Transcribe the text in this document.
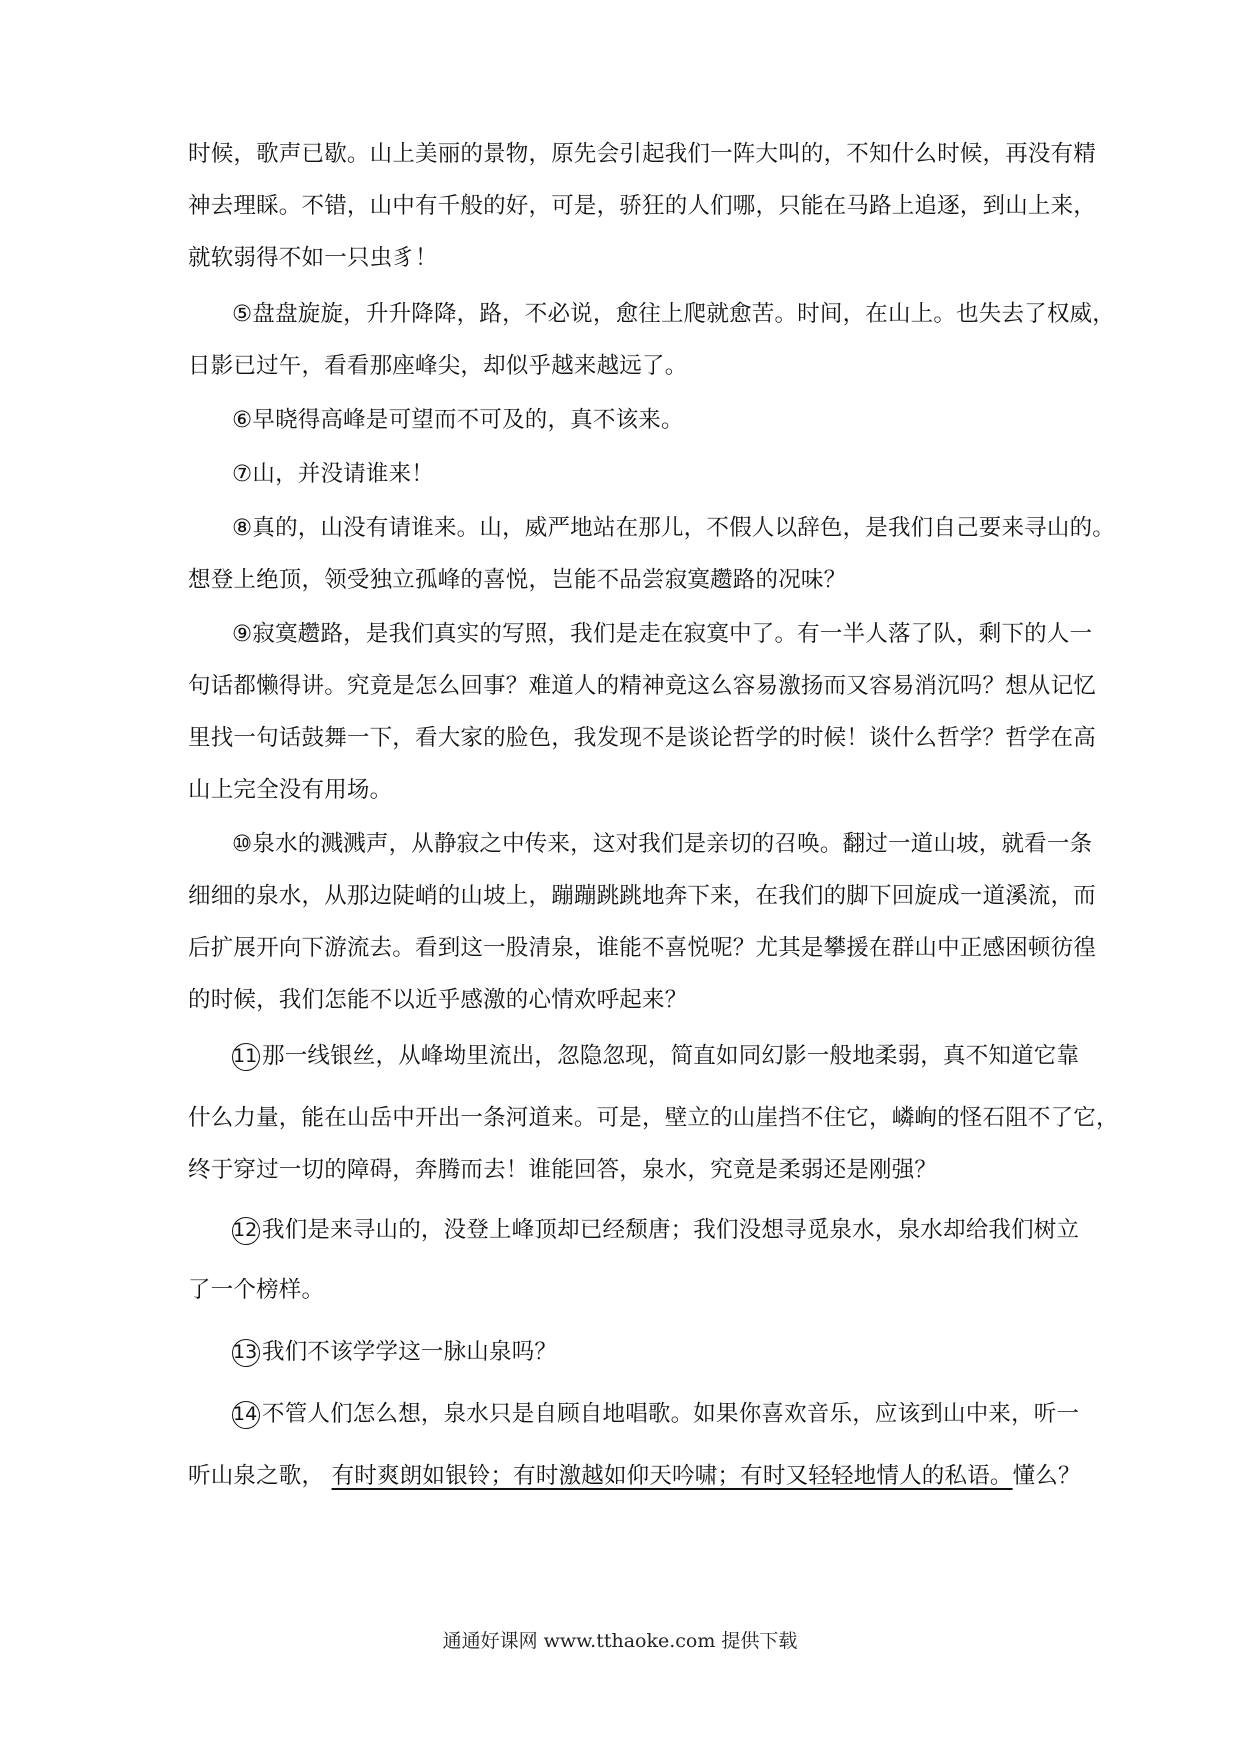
时候，歌声已歇。山上美丽的景物，原先会引起我们一阵大叫的，不知什么时候，再没有精
神去理睬。不错，山中有千般的好，可是，骄狂的人们哪，只能在马路上追逐，到山上来，
就软弱得不如一只虫豸！
⑤盘盘旋旋，升升降降，路，不必说，愈往上爬就愈苦。时间，在山上。也失去了权威，
日影已过午，看看那座峰尖，却似乎越来越远了。
⑥早晓得高峰是可望而不可及的，真不该来。
⑦山，并没请谁来！
⑧真的，山没有请谁来。山，威严地站在那儿，不假人以辞色，是我们自己要来寻山的。
想登上绝顶，领受独立孤峰的喜悦，岂能不品尝寂寞趱路的况味？
⑨寂寞趱路，是我们真实的写照，我们是走在寂寞中了。有一半人落了队，剩下的人一
句话都懒得讲。究竟是怎么回事？难道人的精神竟这么容易激扬而又容易消沉吗？想从记忆
里找一句话鼓舞一下，看大家的脸色，我发现不是谈论哲学的时候！谈什么哲学？哲学在高
山上完全没有用场。
⑩泉水的溅溅声，从静寂之中传来，这对我们是亲切的召唤。翻过一道山坡，就看一条
细细的泉水，从那边陡峭的山坡上，蹦蹦跳跳地奔下来，在我们的脚下回旋成一道溪流，而
后扩展开向下游流去。看到这一股清泉，谁能不喜悦呢？尤其是攀援在群山中正感困顿彷徨
的时候，我们怎能不以近乎感激的心情欢呼起来？
11 那一线银丝，从峰坳里流出，忽隐忽现，简直如同幻影一般地柔弱，真不知道它靠
什么力量，能在山岳中开出一条河道来。可是，壁立的山崖挡不住它，嶙峋的怪石阻不了它，
终于穿过一切的障碍，奔腾而去！谁能回答，泉水，究竟是柔弱还是刚强？
12 我们是来寻山的，没登上峰顶却已经颓唐；我们没想寻觅泉水，泉水却给我们树立
了一个榜样。
13 我们不该学学这一脉山泉吗？
14 不管人们怎么想，泉水只是自顾自地唱歌。如果你喜欢音乐，应该到山中来，听一
听山泉之歌， 有时爽朗如银铃；有时激越如仰天吟啸；有时又轻轻地情人的私语。懂么？
通通好课网 www.tthaoke.com 提供下载
